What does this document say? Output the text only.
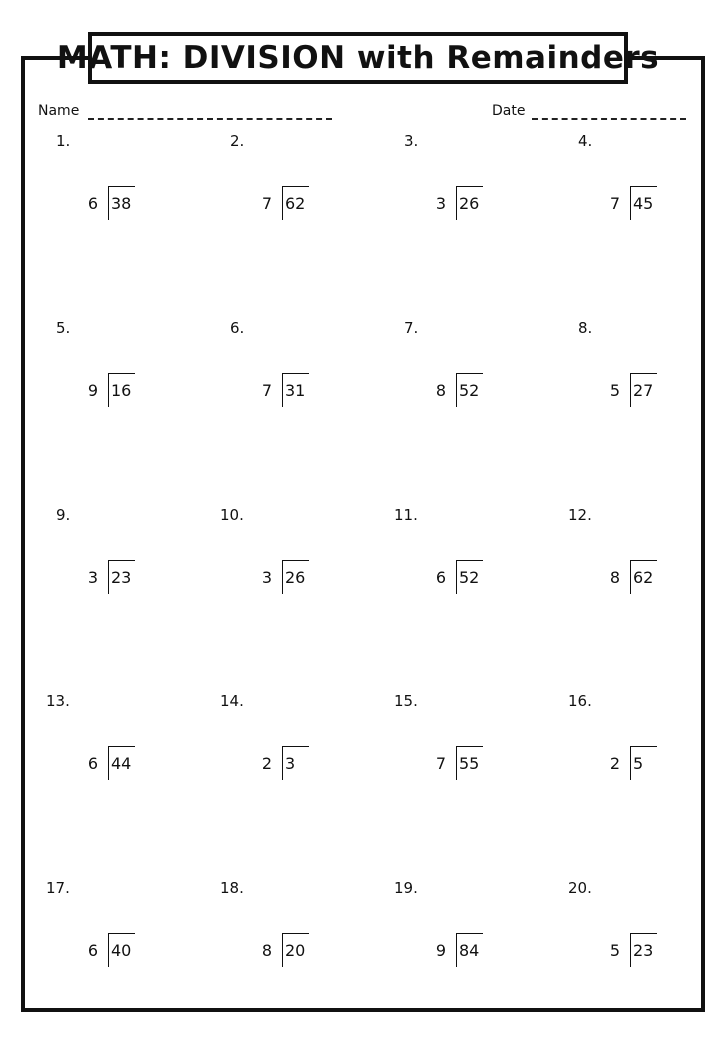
MATH: DIVISION with Remainders
Name	Date
1.
6 38
2.
7 62
3.
3 26
4.
7 45
5.
9 16
6.
7 31
7.
8 52
8.
5 27
9.
3 23
10.
3 26
11.
6 52
12.
8 62
13.
6 44
14.
2 3
15.
7 55
16.
2 5
17.
6 40
18.
8 20
19.
9 84
20.
5 23
